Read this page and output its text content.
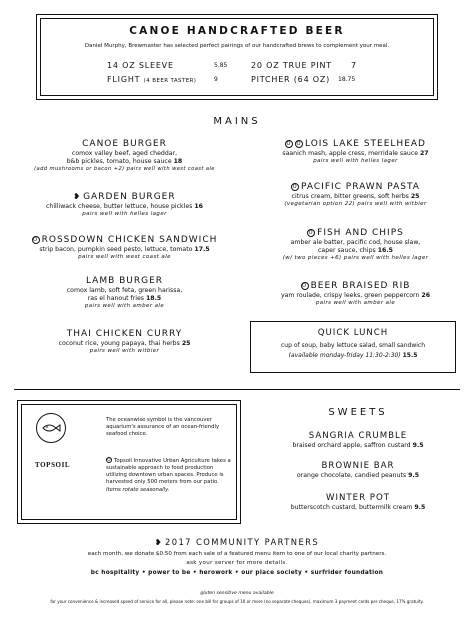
CANOE HANDCRAFTED BEER
Daniel Murphy, Brewmaster has selected perfect pairings of our handcrafted brews to complement your meal.
14 OZ SLEEVE	5.85	20 OZ TRUE PINT 7
FLIGHT (4 BEER TASTER)	9	PITCHER (64 OZ) 18.75
MAINS
CANOE BURGER
comox valley beef, aged cheddar,
b&b pickles, tomato, house sauce 18
(add mushrooms or bacon +2) pairs well with west coast ale
❥ GARDEN BURGER
chilliwack cheese, butter lettuce, house pickles 16
pairs well with helles lager
O ROSSDOWN CHICKEN SANDWICH
strip bacon, pumpkin seed pesto, lettuce, tomato 17.5
pairs well with west coast ale
LAMB BURGER
comox lamb, soft feta, green harissa,
ras el hanout fries 18.5
pairs well with amber ale
THAI CHICKEN CURRY
coconut rice, young papaya, thai herbs 25
pairs well with witbier
O O LOIS LAKE STEELHEAD
saanich mash, apple cress, merridale sauce 27
pairs well with helles lager
O PACIFIC PRAWN PASTA
citrus cream, bitter greens, soft herbs 25
(vegetarian option 22) pairs well with witbier
O FISH AND CHIPS
amber ale batter, pacific cod, house slaw,
caper sauce, chips 16.5
(w/ two pieces +6) pairs well with helles lager
O BEER BRAISED RIB
yam roulade, crispy leeks, green peppercorn 26
pairs well with amber ale
QUICK LUNCH
cup of soup, baby lettuce salad, small sandwich
(available monday-friday 11:30-2:30) 15.5
The oceanwise symbol is the vancouver aquarium's assurance of an ocean-friendly seafood choice.
TOPSOIL
O Topsoil Innovative Urban Agriculture takes a sustainable approach to food production utilizing downtown urban spaces. Produce is harvested only 500 meters from our patio. Items rotate seasonally.
SWEETS
SANGRIA CRUMBLE
braised orchard apple, saffron custard 9.5
BROWNIE BAR
orange chocolate, candied peanuts 9.5
WINTER POT
butterscotch custard, buttermilk cream 9.5
❥ 2017 COMMUNITY PARTNERS
each month, we donate $0.50 from each sale of a featured menu item to one of our local charity partners.
ask your server for more details.
bc hospitality • power to be • herowork • our place society • surfrider foundation
gluten sensitive menu available
for your convenience & increased speed of service for all, please note: one bill for groups of 10 or more (no separate cheques), maximum 3 payment cards per cheque, 17% gratuity.
